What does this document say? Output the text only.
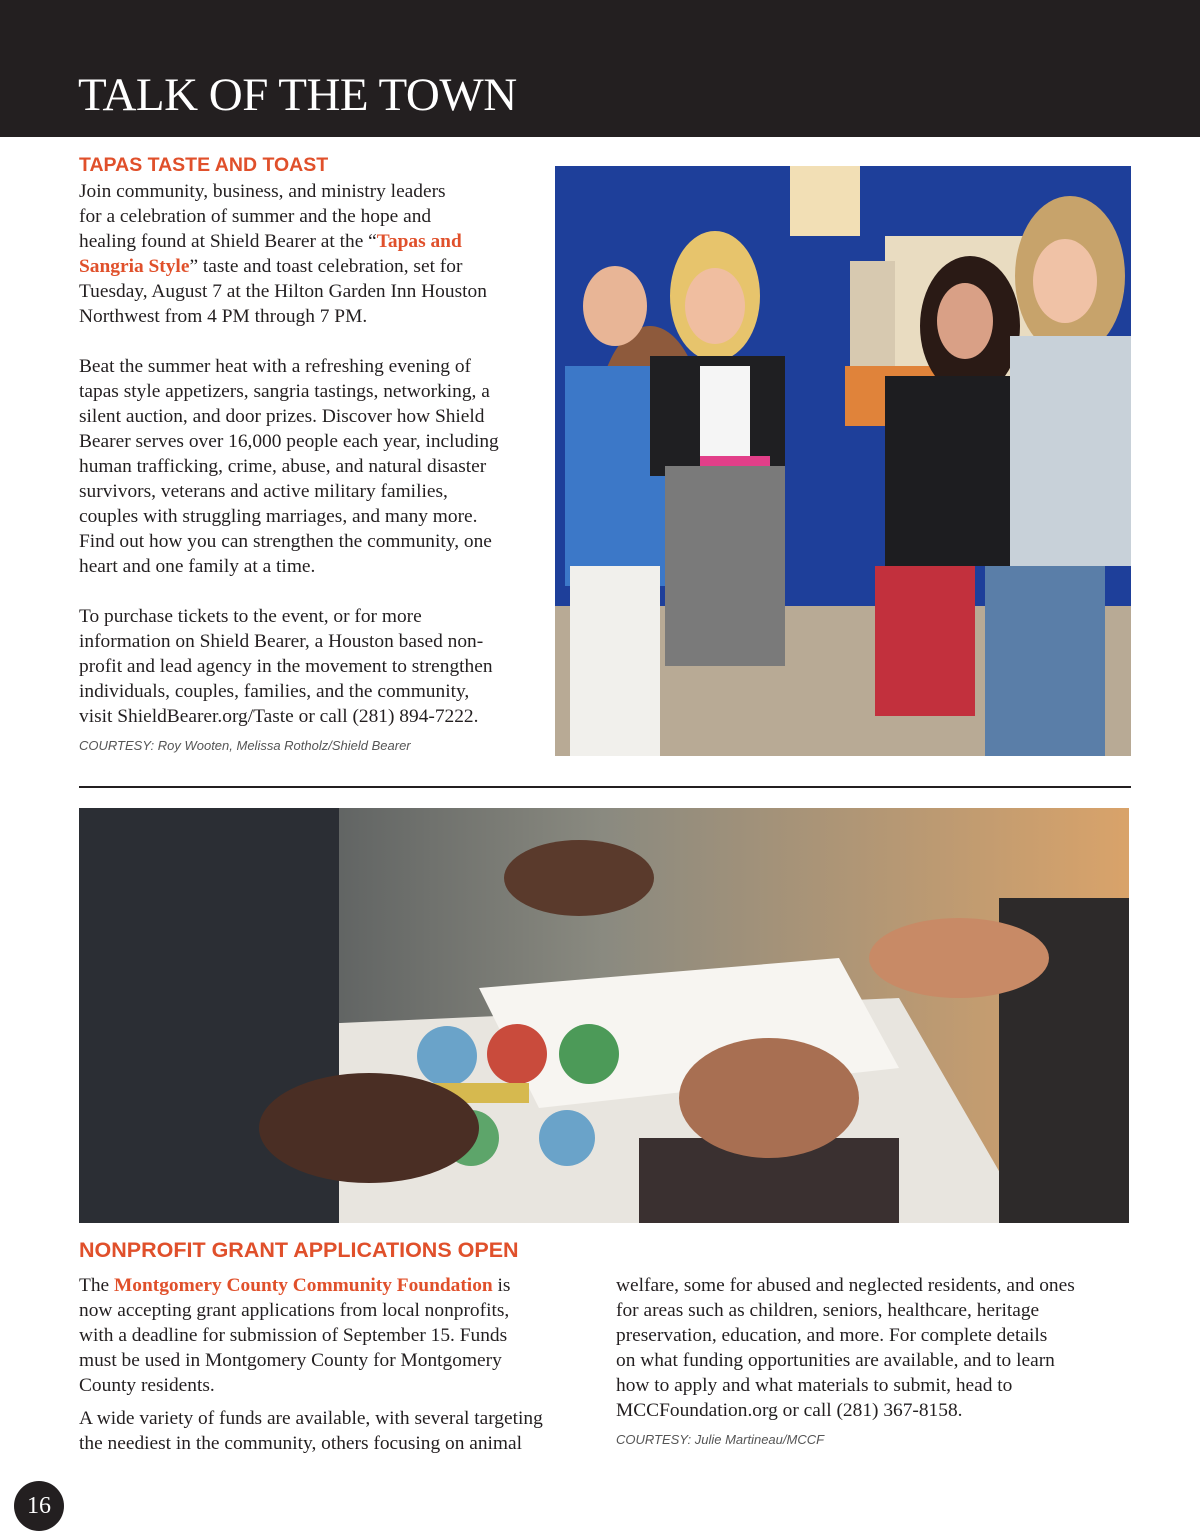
TALK OF THE TOWN
TAPAS TASTE AND TOAST

Join community, business, and ministry leaders

for a celebration of summer and the hope and

healing found at Shield Bearer at the “Tapas and

Sangria Style” taste and toast celebration, set for

Tuesday, August 7 at the Hilton Garden Inn Houston

Northwest from 4 PM through 7 PM.

Beat the summer heat with a refreshing evening of

tapas style appetizers, sangria tastings, networking, a

silent auction, and door prizes. Discover how Shield

Bearer serves over 16,000 people each year, including

human trafficking, crime, abuse, and natural disaster

survivors, veterans and active military families,

couples with struggling marriages, and many more.

Find out how you can strengthen the community, one

heart and one family at a time.

To purchase tickets to the event, or for more

information on Shield Bearer, a Houston based non-

profit and lead agency in the movement to strengthen

individuals, couples, families, and the community,

visit ShieldBearer.org/Taste or call (281) 894-7222.

COURTESY: Roy Wooten, Melissa Rotholz/Shield Bearer

NONPROFIT GRANT APPLICATIONS OPEN

The Montgomery County Community Foundation is

now accepting grant applications from local nonprofits,

with a deadline for submission of September 15. Funds

must be used in Montgomery County for Montgomery

County residents.

A wide variety of funds are available, with several targeting

the neediest in the community, others focusing on animal

welfare, some for abused and neglected residents, and ones

for areas such as children, seniors, healthcare, heritage

preservation, education, and more. For complete details

on what funding opportunities are available, and to learn

how to apply and what materials to submit, head to

MCCFoundation.org or call (281) 367-8158.

COURTESY: Julie Martineau/MCCF

16
